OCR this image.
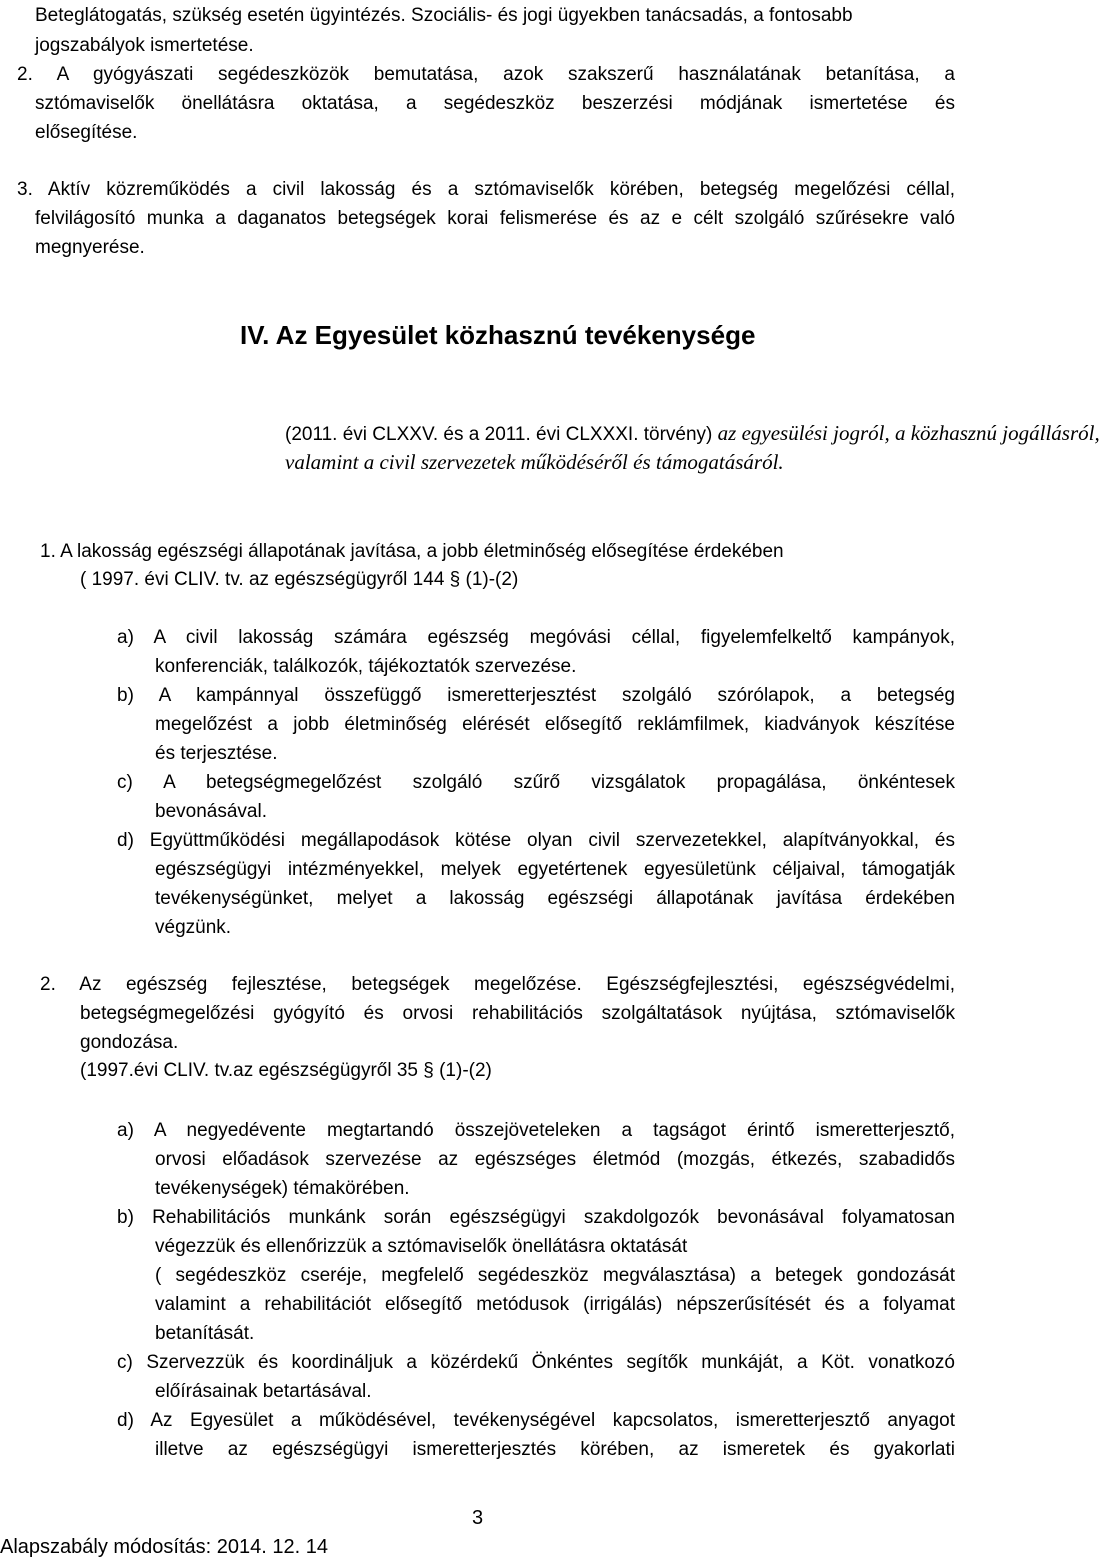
Beteglátogatás, szükség esetén ügyintézés. Szociális- és jogi ügyekben tanácsadás, a fontosabb
jogszabályok ismertetése.
2. A gyógyászati segédeszközök bemutatása, azok szakszerű használatának betanítása, a
sztómaviselők önellátásra oktatása, a segédeszköz beszerzési módjának ismertetése és
elősegítése.
3. Aktív közreműködés a civil lakosság és a sztómaviselők körében, betegség megelőzési céllal,
felvilágosító munka a daganatos betegségek korai felismerése és az e célt szolgáló szűrésekre való
megnyerése.
IV. Az Egyesület közhasznú tevékenysége
(2011. évi CLXXV. és a 2011. évi CLXXXI. törvény) az egyesülési jogról, a közhasznú jogállásról,
valamint a civil szervezetek működéséről és támogatásáról.
1. A lakosság egészségi állapotának javítása, a jobb életminőség elősegítése érdekében
( 1997. évi CLIV. tv. az egészségügyről 144 § (1)-(2)
a) A civil lakosság számára egészség megóvási céllal, figyelemfelkeltő kampányok,
konferenciák, találkozók, tájékoztatók szervezése.
b) A kampánnyal összefüggő ismeretterjesztést szolgáló szórólapok, a betegség
megelőzést a jobb életminőség elérését elősegítő reklámfilmek, kiadványok készítése
és terjesztése.
c) A betegségmegelőzést szolgáló szűrő vizsgálatok propagálása, önkéntesek
bevonásával.
d) Együttműködési megállapodások kötése olyan civil szervezetekkel, alapítványokkal, és
egészségügyi intézményekkel, melyek egyetértenek egyesületünk céljaival, támogatják
tevékenységünket, melyet a lakosság egészségi állapotának javítása érdekében
végzünk.
2. Az egészség fejlesztése, betegségek megelőzése. Egészségfejlesztési, egészségvédelmi,
betegségmegelőzési gyógyító és orvosi rehabilitációs szolgáltatások nyújtása, sztómaviselők
gondozása.
(1997.évi CLIV. tv.az egészségügyről 35 § (1)-(2)
a) A negyedévente megtartandó összejöveteleken a tagságot érintő ismeretterjesztő,
orvosi előadások szervezése az egészséges életmód (mozgás, étkezés, szabadidős
tevékenységek) témakörében.
b) Rehabilitációs munkánk során egészségügyi szakdolgozók bevonásával folyamatosan
végezzük és ellenőrizzük a sztómaviselők önellátásra oktatását
( segédeszköz cseréje, megfelelő segédeszköz megválasztása) a betegek gondozását
valamint a rehabilitációt elősegítő metódusok (irrigálás) népszerűsítését és a folyamat
betanítását.
c) Szervezzük és koordináljuk a közérdekű Önkéntes segítők munkáját, a Köt. vonatkozó
előírásainak betartásával.
d) Az Egyesület a működésével, tevékenységével kapcsolatos, ismeretterjesztő anyagot
illetve az egészségügyi ismeretterjesztés körében, az ismeretek és gyakorlati
3
Alapszabály módosítás: 2014. 12. 14
